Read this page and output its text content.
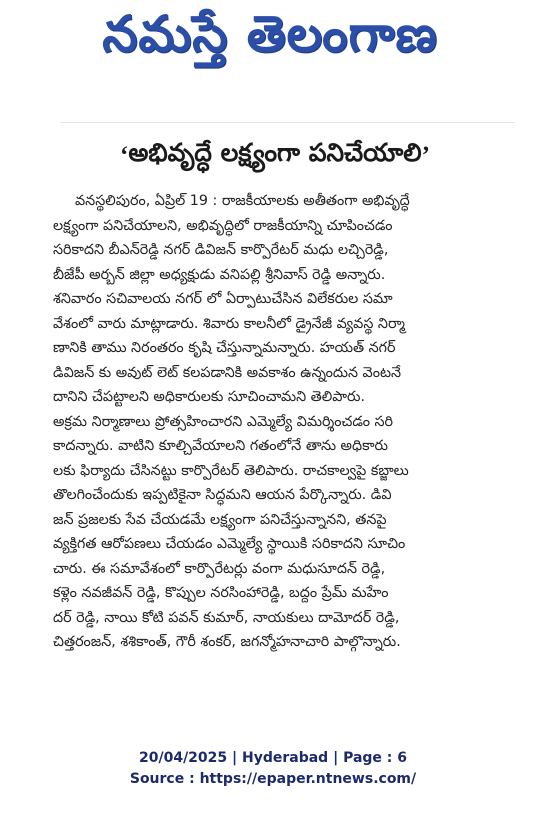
నమస్తే తెలంగాణ
‘ అభివృద్ధే లక్ష్యంగా పనిచేయాలి ’
వనస్థలిపురం, ఏప్రిల్ 19 : రాజకీయాలకు అతీతంగా అభివృద్ధే
లక్ష్యంగా పనిచేయాలని, అభివృద్ధిలో రాజకీయాన్ని చూపించడం
సరికాదని బీఎన్‌రెడ్డి నగర్ డివిజన్ కార్పొరేటర్ మధు లచ్చిరెడ్డి,
బీజేపీ అర్బన్ జిల్లా అధ్యక్షుడు వనిపల్లి శ్రీనివాస్ రెడ్డి అన్నారు.
శనివారం సచివాలయ నగర్ లో ఏర్పాటుచేసిన విలేకరుల సమా
వేశంలో వారు మాట్లాడారు. శివారు కాలనీలో డ్రైనేజీ వ్యవస్థ నిర్మా
ణానికి తాము నిరంతరం కృషి చేస్తున్నామన్నారు. హయత్ నగర్
డివిజన్ కు అవుట్ లెట్ కలపడానికి అవకాశం ఉన్నందున వెంటనే
దానిని చేపట్టాలని అధికారులకు సూచించామని తెలిపారు.
అక్రమ నిర్మాణాలు ప్రోత్సహించారని ఎమ్మెల్యే విమర్శించడం సరి
కాదన్నారు. వాటిని కూల్చివేయాలని గతంలోనే తాను అధికారు
లకు ఫిర్యాదు చేసినట్టు కార్పొరేటర్ తెలిపారు. రాచకాల్వపై కబ్జాలు
తొలగించేందుకు ఇప్పటికైనా సిద్ధమని ఆయన పేర్కొన్నారు. డివి
జన్ ప్రజలకు సేవ చేయడమే లక్ష్యంగా పనిచేస్తున్నానని, తనపై
వ్యక్తిగత ఆరోపణలు చేయడం ఎమ్మెల్యే స్థాయికి సరికాదని సూచిం
చారు. ఈ సమావేశంలో కార్పొరేటర్లు వంగా మధుసూదన్ రెడ్డి,
కళ్లెం నవజీవన్ రెడ్డి, కొప్పుల నరసింహారెడ్డి, బద్దం ప్రేమ్ మహేం
దర్ రెడ్డి, నాయి కోటి పవన్ కుమార్, నాయకులు దామోదర్ రెడ్డి,
చిత్తరంజన్, శశికాంత్, గౌరీ శంకర్, జగన్మోహనాచారి పాల్గొన్నారు.
20/04/2025 | Hyderabad | Page : 6
Source : https://epaper.ntnews.com/
